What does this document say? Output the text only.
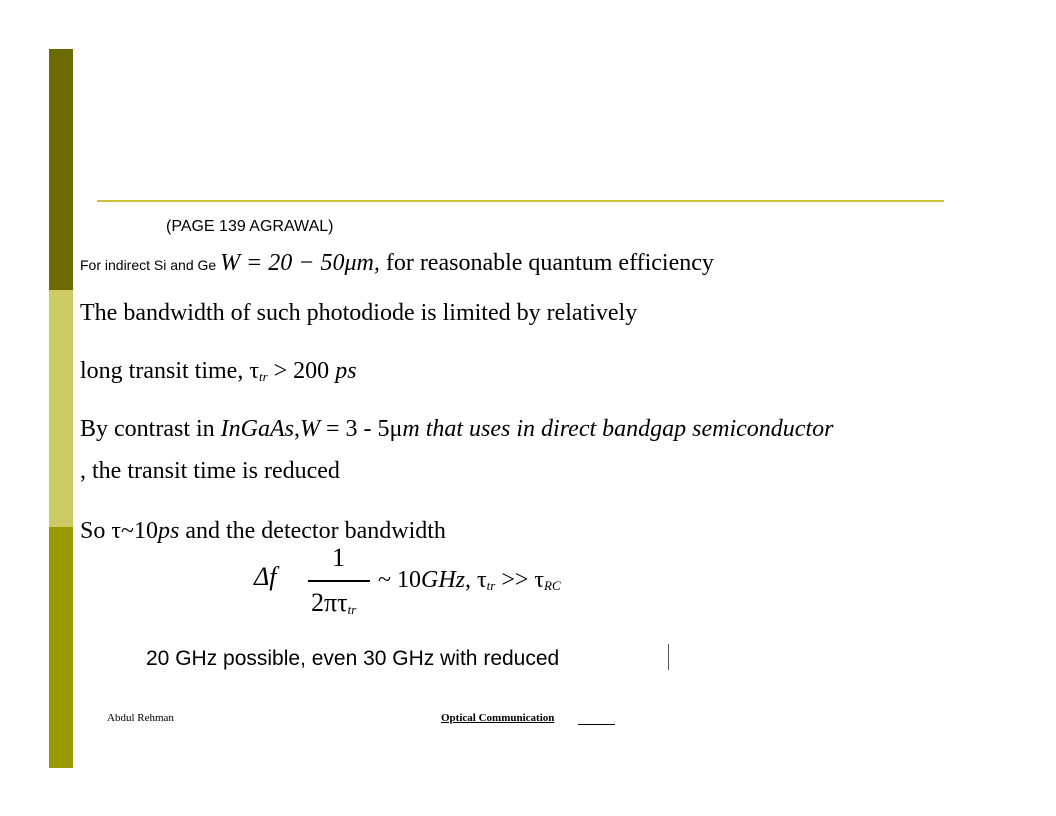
(PAGE 139 AGRAWAL)
For indirect Si and Ge W = 20 − 50μm, for reasonable quantum efficiency
The bandwidth of such photodiode is limited by relatively
long transit time, $\tau_{tr} > 200$ ps
By contrast in InGaAs,W = 3 - 5μm that uses in direct bandgap semiconductor
, the transit time is reduced
So τ~10ps and the detector bandwidth
Δf
1
$2\pi\tau_{tr}$
~ 10GHz, $\tau_{tr} >> \tau_{RC}$
20 GHz possible, even 30 GHz with reduced
Abdul Rehman	Optical Communication
